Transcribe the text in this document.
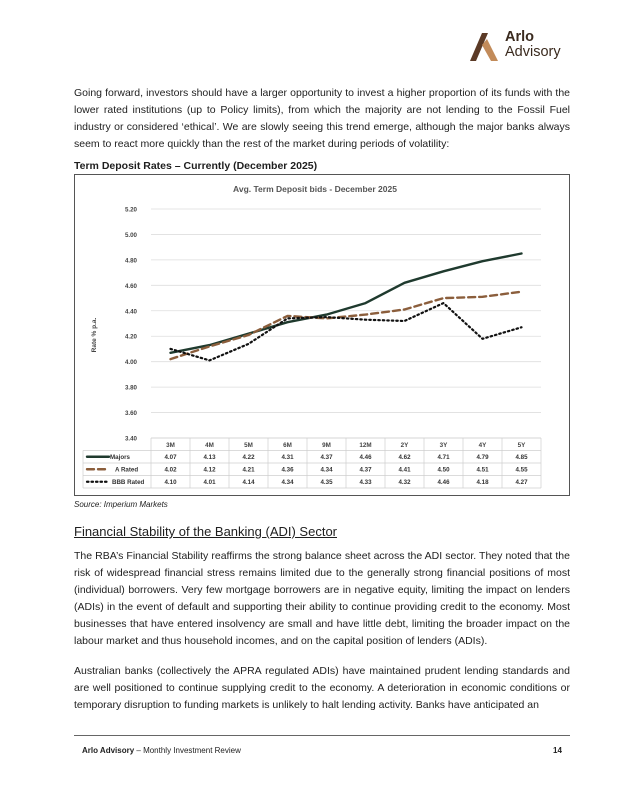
Arlo
Advisory

Going forward, investors should have a larger opportunity to invest a higher proportion of its funds with the lower rated institutions (up to Policy limits), from which the majority are not lending to the Fossil Fuel industry or considered ‘ethical’. We are slowly seeing this trend emerge, although the major banks always seem to react more quickly than the rest of the market during periods of volatility:

Term Deposit Rates – Currently (December 2025)
Avg. Term Deposit bids - December 2025
Rate % p.a.
5.20
5.00
4.80
4.60
4.40
4.20
4.00
3.80
3.60
3.40
3M	4M	5M	6M	9M	12M	2Y	3Y	4Y	5Y
Majors	4.07	4.13	4.22	4.31	4.37	4.46	4.62	4.71	4.79	4.85
A Rated	4.02	4.12	4.21	4.36	4.34	4.37	4.41	4.50	4.51	4.55
BBB Rated	4.10	4.01	4.14	4.34	4.35	4.33	4.32	4.46	4.18	4.27
Source: Imperium Markets
Financial Stability of the Banking (ADI) Sector

The RBA’s Financial Stability reaffirms the strong balance sheet across the ADI sector. They noted that the risk of widespread financial stress remains limited due to the generally strong financial positions of most (individual) borrowers. Very few mortgage borrowers are in negative equity, limiting the impact on lenders (ADIs) in the event of default and supporting their ability to continue providing credit to the economy. Most businesses that have entered insolvency are small and have little debt, limiting the broader impact on the labour market and thus household incomes, and on the capital position of lenders (ADIs).

Australian banks (collectively the APRA regulated ADIs) have maintained prudent lending standards and are well positioned to continue supplying credit to the economy. A deterioration in economic conditions or temporary disruption to funding markets is unlikely to halt lending activity. Banks have anticipated an

Arlo Advisory – Monthly Investment Review	14
